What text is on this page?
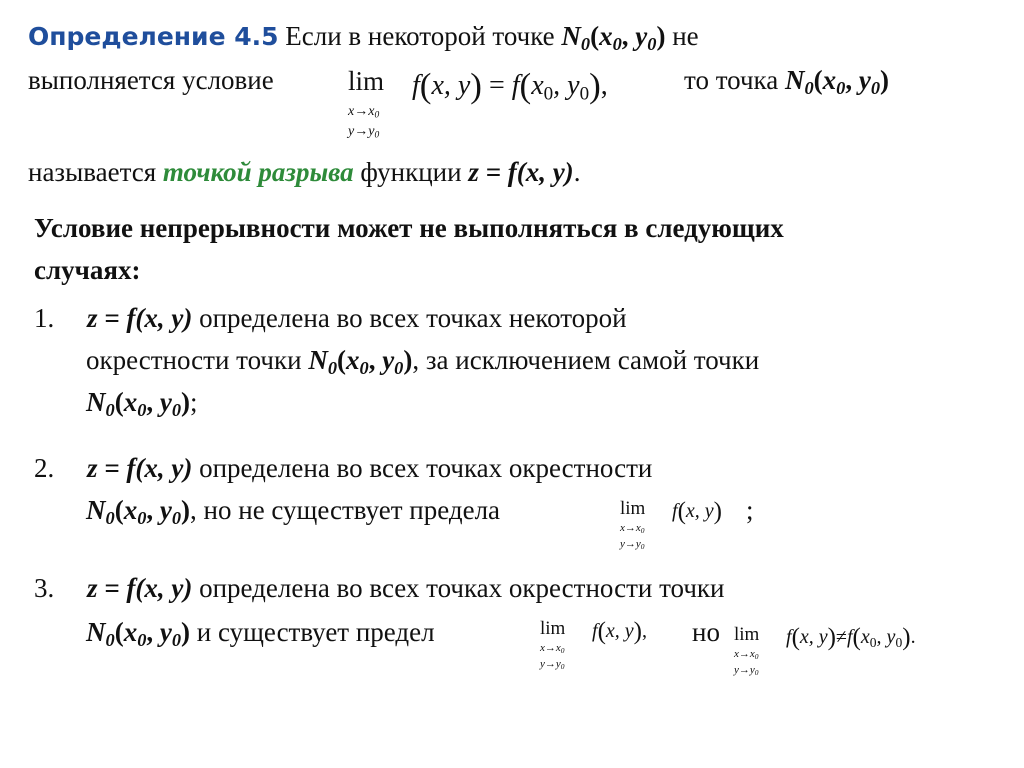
Определение 4.5 Если в некоторой точке $N_0(x_0$, $y_0$) не
выполняется условие	lim
$x\to x_0$
$y\to y_0$
f(x, $y) = f(x_0$, $y_0$),	то точка $N_0(x_0$, $y_0$)
называется точкой разрыва функции z = f(x, y).
Условие непрерывности может не выполняться в следующих
случаях:
1. z = f(x, y) определена во всех точках некоторой
окрестности точки $N_0(x_0$, $y_0$), за исключением самой точки
$N_0(x_0$, $y_0$);
2. z = f(x, y) определена во всех точках окрестности
$N_0(x_0$, $y_0$), но не существует предела	lim
$x\to x_0$
$y\to y_0$
f(x, y) ;
3. z = f(x, y) определена во всех точках окрестности точки
$N_0(x_0$, $y_0$) и существует предел	lim
$x\to x_0$
$y\to y_0$
f(x, y), но lim
$x\to x_0$
$y\to y_0$
f(x, $y)\ne f(x_0$, $y_0$).
